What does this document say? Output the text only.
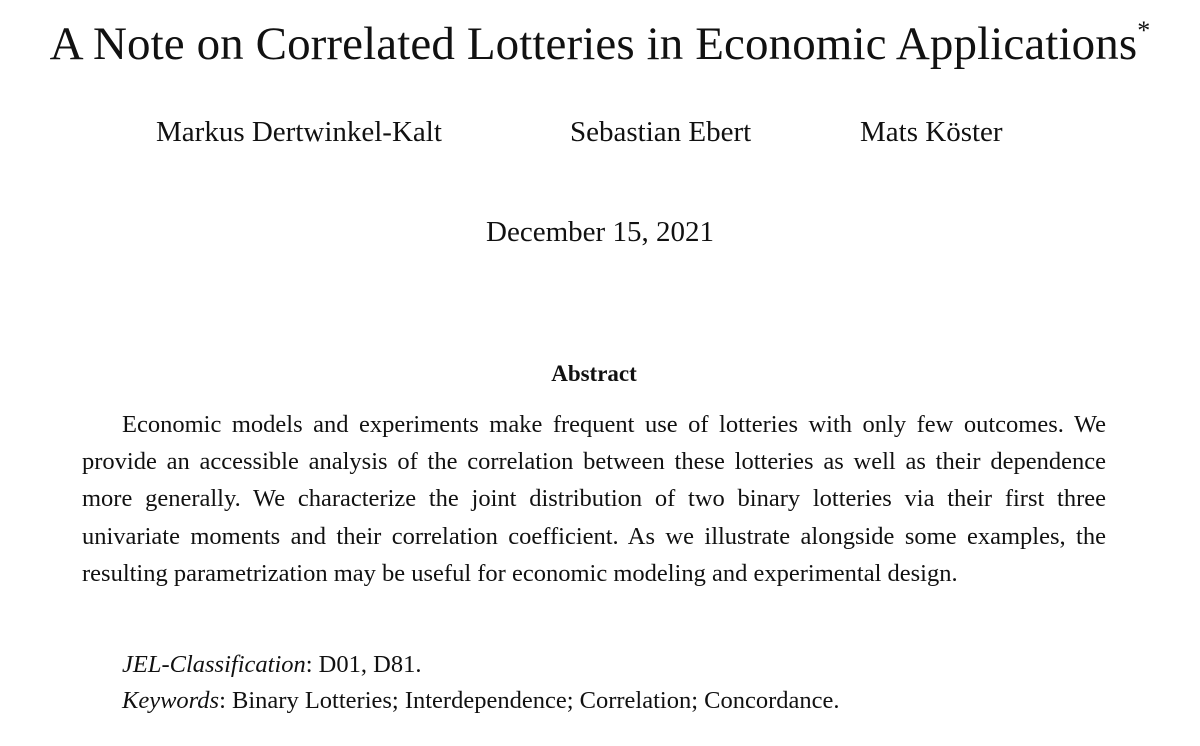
A Note on Correlated Lotteries in Economic Applications*
Markus Dertwinkel-Kalt	Sebastian Ebert	Mats Köster
December 15, 2021
Abstract

Economic models and experiments make frequent use of lotteries with only few outcomes. We provide an accessible analysis of the correlation between these lotteries as well as their dependence more generally. We characterize the joint distribution of two binary lotteries via their first three univariate moments and their correlation coefficient. As we illustrate alongside some examples, the resulting parametrization may be useful for economic modeling and experimental design.

JEL-Classification: D01, D81.
Keywords: Binary Lotteries; Interdependence; Correlation; Concordance.
